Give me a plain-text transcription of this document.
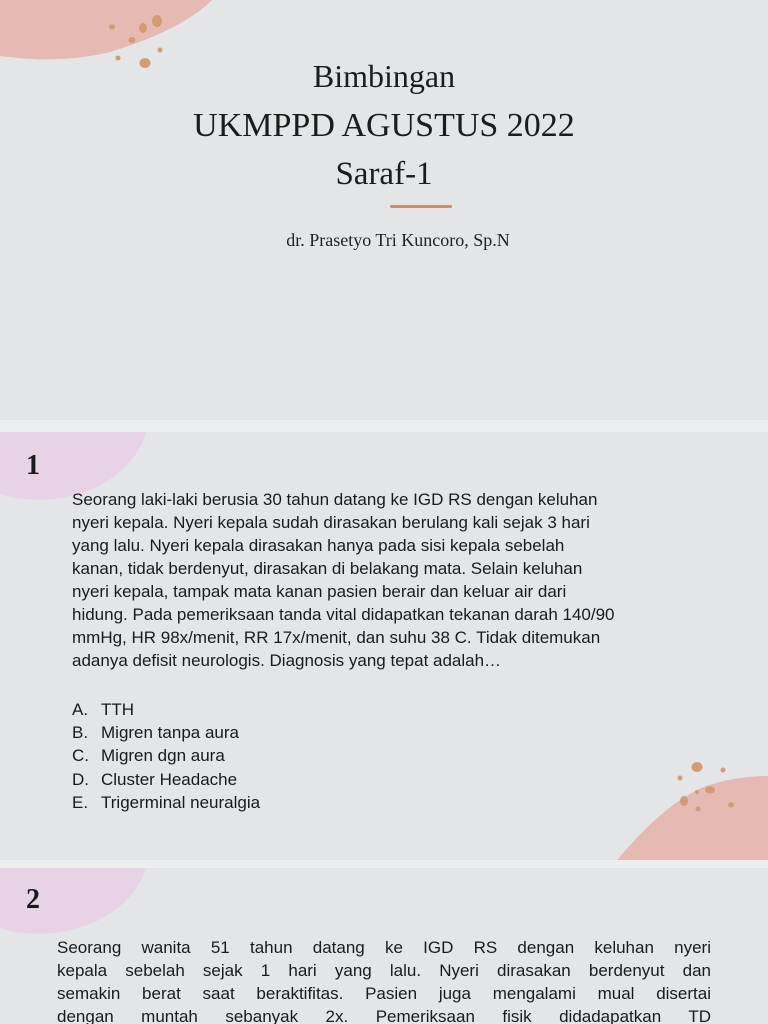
Bimbingan
UKMPPD AGUSTUS 2022
Saraf-1
dr. Prasetyo Tri Kuncoro, Sp.N
1
Seorang laki-laki berusia 30 tahun datang ke IGD RS dengan keluhan
nyeri kepala. Nyeri kepala sudah dirasakan berulang kali sejak 3 hari
yang lalu. Nyeri kepala dirasakan hanya pada sisi kepala sebelah
kanan, tidak berdenyut, dirasakan di belakang mata. Selain keluhan
nyeri kepala, tampak mata kanan pasien berair dan keluar air dari
hidung. Pada pemeriksaan tanda vital didapatkan tekanan darah 140/90
mmHg, HR 98x/menit, RR 17x/menit, dan suhu 38 C. Tidak ditemukan
adanya defisit neurologis. Diagnosis yang tepat adalah…
A. TTH
B. Migren tanpa aura
C. Migren dgn aura
D. Cluster Headache
E. Trigerminal neuralgia
2
Seorang wanita 51 tahun datang ke IGD RS dengan keluhan nyeri
kepala sebelah sejak 1 hari yang lalu. Nyeri dirasakan berdenyut dan
semakin berat saat beraktifitas. Pasien juga mengalami mual disertai
dengan muntah sebanyak 2x. Pemeriksaan fisik didadapatkan TD
